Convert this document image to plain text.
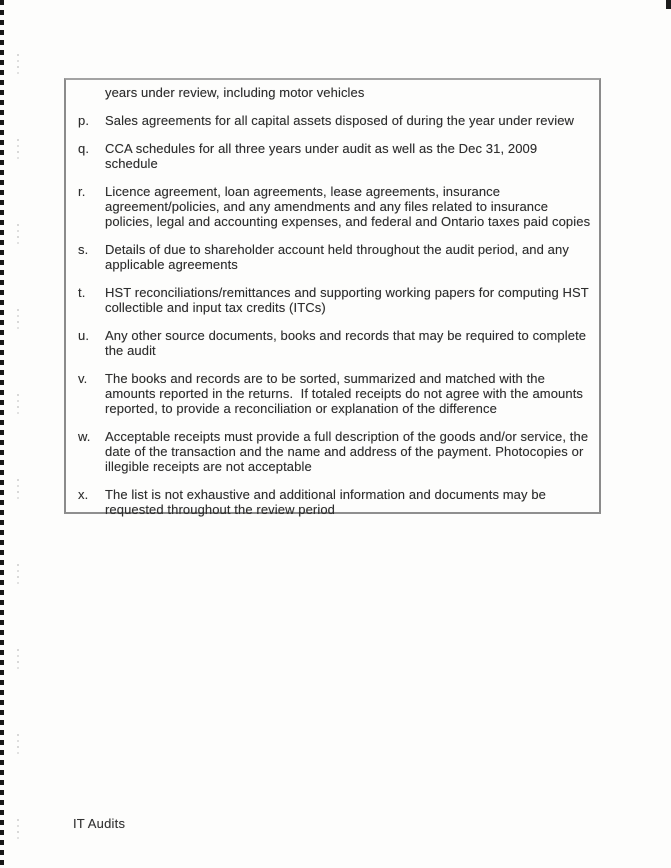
years under review, including motor vehicles
p.	Sales agreements for all capital assets disposed of during the year under review
q.	CCA schedules for all three years under audit as well as the Dec 31, 2009 schedule
r.	Licence agreement, loan agreements, lease agreements, insurance agreement/policies, and any amendments and any files related to insurance policies, legal and accounting expenses, and federal and Ontario taxes paid copies
s.	Details of due to shareholder account held throughout the audit period, and any applicable agreements
t.	HST reconciliations/remittances and supporting working papers for computing HST collectible and input tax credits (ITCs)
u.	Any other source documents, books and records that may be required to complete the audit
v.	The books and records are to be sorted, summarized and matched with the amounts reported in the returns.  If totaled receipts do not agree with the amounts reported, to provide a reconciliation or explanation of the difference
w.	Acceptable receipts must provide a full description of the goods and/or service, the date of the transaction and the name and address of the payment. Photocopies or illegible receipts are not acceptable
x.	The list is not exhaustive and additional information and documents may be requested throughout the review period
IT Audits
